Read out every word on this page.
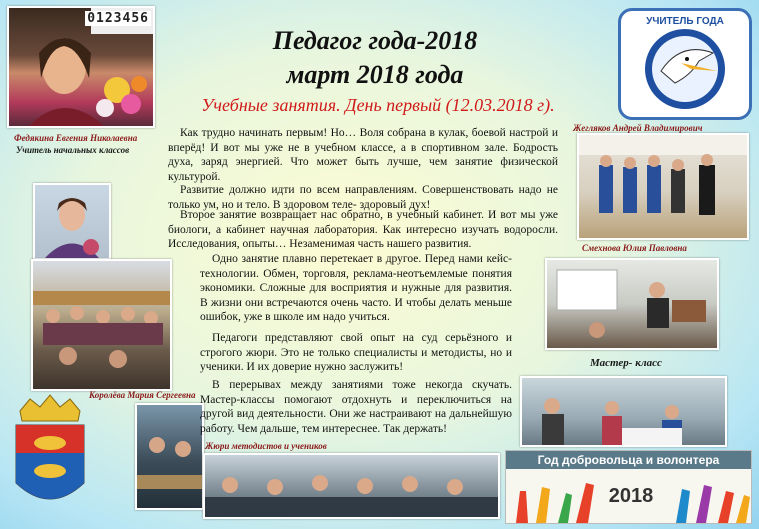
0123456
Федякина Евгения Николаевна
Учитель начальных классов
Педагог года-2018
март 2018 года
Учебные занятия. День первый (12.03.2018 г).
УЧИТЕЛЬ ГОДА
Королёва Мария Сергеевна
Как трудно начинать первым! Но… Воля собрана в кулак, боевой настрой и вперёд! И вот мы уже не в учебном классе, а в спортивном зале. Бодрость духа, заряд энергией. Что может быть лучше, чем занятие физической культурой.
Развитие должно идти по всем направлениям. Совершенствовать надо не только ум, но и тело. В здоровом теле- здоровый дух!
Второе занятие возвращает нас обратно, в учебный кабинет. И вот мы уже биологи, а кабинет научная лаборатория. Как интересно изучать водоросли. Исследования, опыты… Незаменимая часть нашего развития.
Одно занятие плавно перетекает в другое. Перед нами кейс-технологии. Обмен, торговля, реклама-неотъемлемые понятия экономики. Сложные для восприятия и нужные для развития. В жизни они встречаются очень часто. И чтобы делать меньше ошибок, уже в школе им надо учиться.
Педагоги представляют свой опыт на суд серьёзного и строгого жюри. Это не только специалисты и методисты, но и ученики. И их доверие нужно заслужить!
В перерывах между занятиями тоже некогда скучать. Мастер-классы помогают отдохнуть и переключиться на другой вид деятельности. Они же настраивают на дальнейшую работу. Чем дальше, тем интереснее. Так держать!
Жегляков Андрей Владимирович
Смехнова Юлия Павловна
Мастер- класс
Жюри методистов и учеников
Год добровольца и волонтера
2018
